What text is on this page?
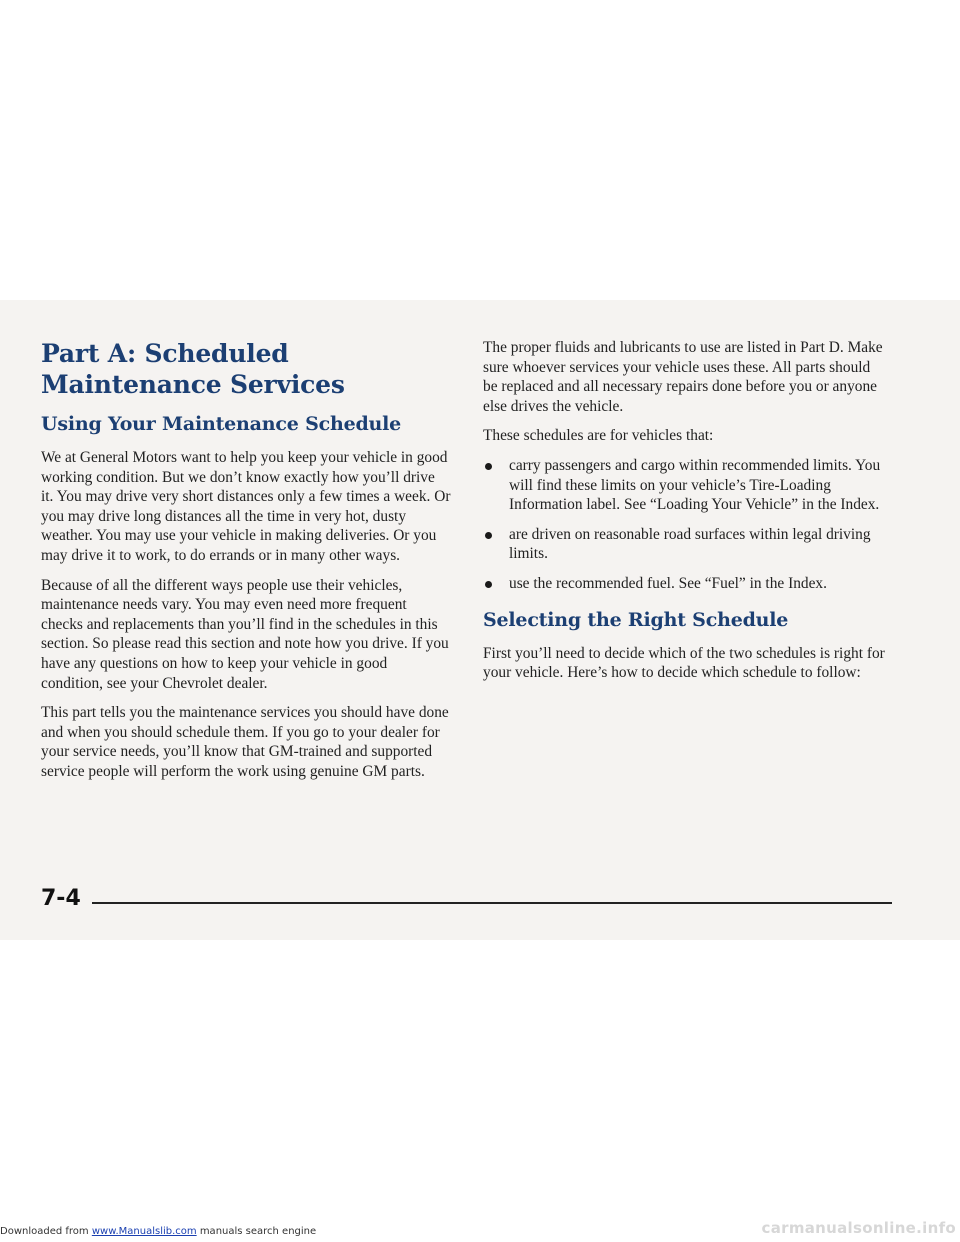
Part A: Scheduled
Maintenance Services
Using Your Maintenance Schedule

We at General Motors want to help you keep your vehicle in good working condition. But we don’t know exactly how you’ll drive it. You may drive very short distances only a few times a week. Or you may drive long distances all the time in very hot, dusty weather. You may use your vehicle in making deliveries. Or you may drive it to work, to do errands or in many other ways.

Because of all the different ways people use their vehicles, maintenance needs vary. You may even need more frequent checks and replacements than you’ll find in the schedules in this section. So please read this section and note how you drive. If you have any questions on how to keep your vehicle in good condition, see your Chevrolet dealer.

This part tells you the maintenance services you should have done and when you should schedule them. If you go to your dealer for your service needs, you’ll know that GM-trained and supported service people will perform the work using genuine GM parts.

The proper fluids and lubricants to use are listed in Part D. Make sure whoever services your vehicle uses these. All parts should be replaced and all necessary repairs done before you or anyone else drives the vehicle.

These schedules are for vehicles that:

carry passengers and cargo within recommended limits. You will find these limits on your vehicle’s Tire-Loading Information label. See “Loading Your Vehicle” in the Index.
are driven on reasonable road surfaces within legal driving limits.
use the recommended fuel. See “Fuel” in the Index.
Selecting the Right Schedule

First you’ll need to decide which of the two schedules is right for your vehicle. Here’s how to decide which schedule to follow:

7-4
Downloaded from www.Manualslib.com manuals search engine	carmanualsonline.info
